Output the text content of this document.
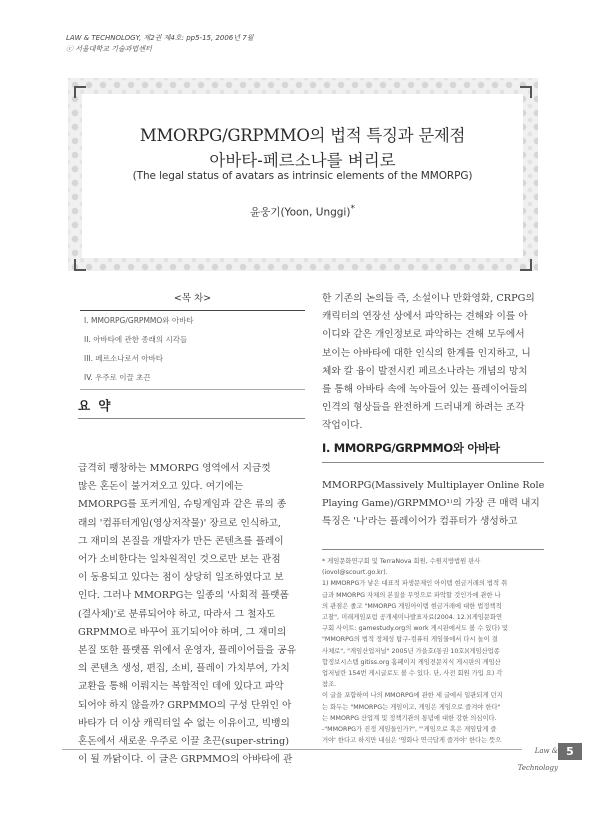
LAW & TECHNOLOGY, 제2권 제4호: pp5-15, 2006년 7월
ⓒ 서울대학교 기술과법센터
MMORPG/GRPMMO의 법적 특징과 문제점
아바타-페르소나를 벼리로
(The legal status of avatars as intrinsic elements of the MMORPG)
윤웅기(Yoon, Unggi)*
<목 차>
I. MMORPG/GRPMMO와 아바타
II. 아바타에 관한 종래의 시각들
III. 페르소나로서 아바타
IV. 우주로 이끌 초끈
요 약
급격히 팽창하는 MMORPG 영역에서 지금껏
많은 혼돈이 불거져오고 있다. 여기에는
MMORPG를 포커게임, 슈팅게임과 같은 류의 종
래의 '컴퓨터게임(영상저작물)' 장르로 인식하고,
그 재미의 본질을 개발자가 만든 콘텐츠를 플레이
어가 소비한다는 일차원적인 것으로만 보는 관점
이 동용되고 있다는 점이 상당히 일조하였다고 보
인다. 그러나 MMORPG는 일종의 '사회적 플랫폼
(결사체)'로 분류되어야 하고, 따라서 그 철자도
GRPMMO로 바꾸어 표기되어야 하며, 그 재미의
본질 또한 플랫폼 위에서 운영자, 플레이어들을 공유
의 콘텐츠 생성, 편집, 소비, 플레이 가치부여, 가치
교환을 통해 이뤄지는 복합적인 데에 있다고 파악
되어야 하지 않을까? GRPMMO의 구성 단위인 아
바타가 더 이상 캐릭터일 수 없는 이유이고, 빅뱅의
혼돈에서 새로운 우주로 이끌 초끈(super-string)
이 될 까닭이다. 이 글은 GRPMMO의 아바타에 관
한 기존의 논의들 즉, 소설이나 만화영화, CRPG의
캐릭터의 연장선 상에서 파악하는 견해와 이를 아
이디와 같은 개인정보로 파악하는 견해 모두에서
보이는 아바타에 대한 인식의 한계를 인지하고, 니
체와 칼 융이 발전시킨 페르소나라는 개념의 망치
를 통해 아바타 속에 녹아들어 있는 플레이어들의
인격의 형상들을 완전하게 드러내게 하려는 조각
작업이다.
I. MMORPG/GRPMMO와 아바타
MMORPG(Massively Multiplayer Online Role
Playing Game)/GRPMMO¹⁾의 가장 큰 매력 내지
특징은 '나'라는 플레이어가 컴퓨터가 생성하고
* 게임문화연구회 및 TerraNova 회원, 수원지방법원 판사
(iovol@scourt.go.kr).
1) MMORPG가 낳은 대표적 파생문제인 아이템 현금거래의 법적 취
급과 MMORPG 자체의 본질을 무엇으로 파악할 것인가에 관한 나
의 관점은 졸고 "MMORPG 게임아이템 현금거래에 대한 법정책적
고찰", 미래게임포럼 공개세미나발표자료(2004. 12.)(게임문화연
구회 사이트: gamestudy.org의 work 게시판에서도 볼 수 있다) 및
"MMORPG의 법적 정체성 탐구-컴퓨터 게임물에서 다시 놀이 결
사체로", "게임산업저널" 2005년 가을호(통권 10호)(게임산업종
합정보시스템 gitiss.org 홈페이지 게임전문지식 게시판의 게임산
업저널란 154번 게시글로도 볼 수 있다. 단, 사전 회원 가입 요) 각
참조.
이 글을 포함하여 나의 MMORPG에 관한 세 글에서 일관되게 던지
는 화두는 "MMORPG는 게임이고, 게임은 게임으로 즐겨야 한다"
는 MMORPG 산업계 및 정책기관의 통념에 대한 강한 의심이다.
-"MMORPG가 진정 게임들인가?", "'게임으로 혹은 게임답게 즐
거야' 한다고 하지만 내심은 '영화나 연극답게 즐겨야' 한다는 뜻으
Law & Technology
5
